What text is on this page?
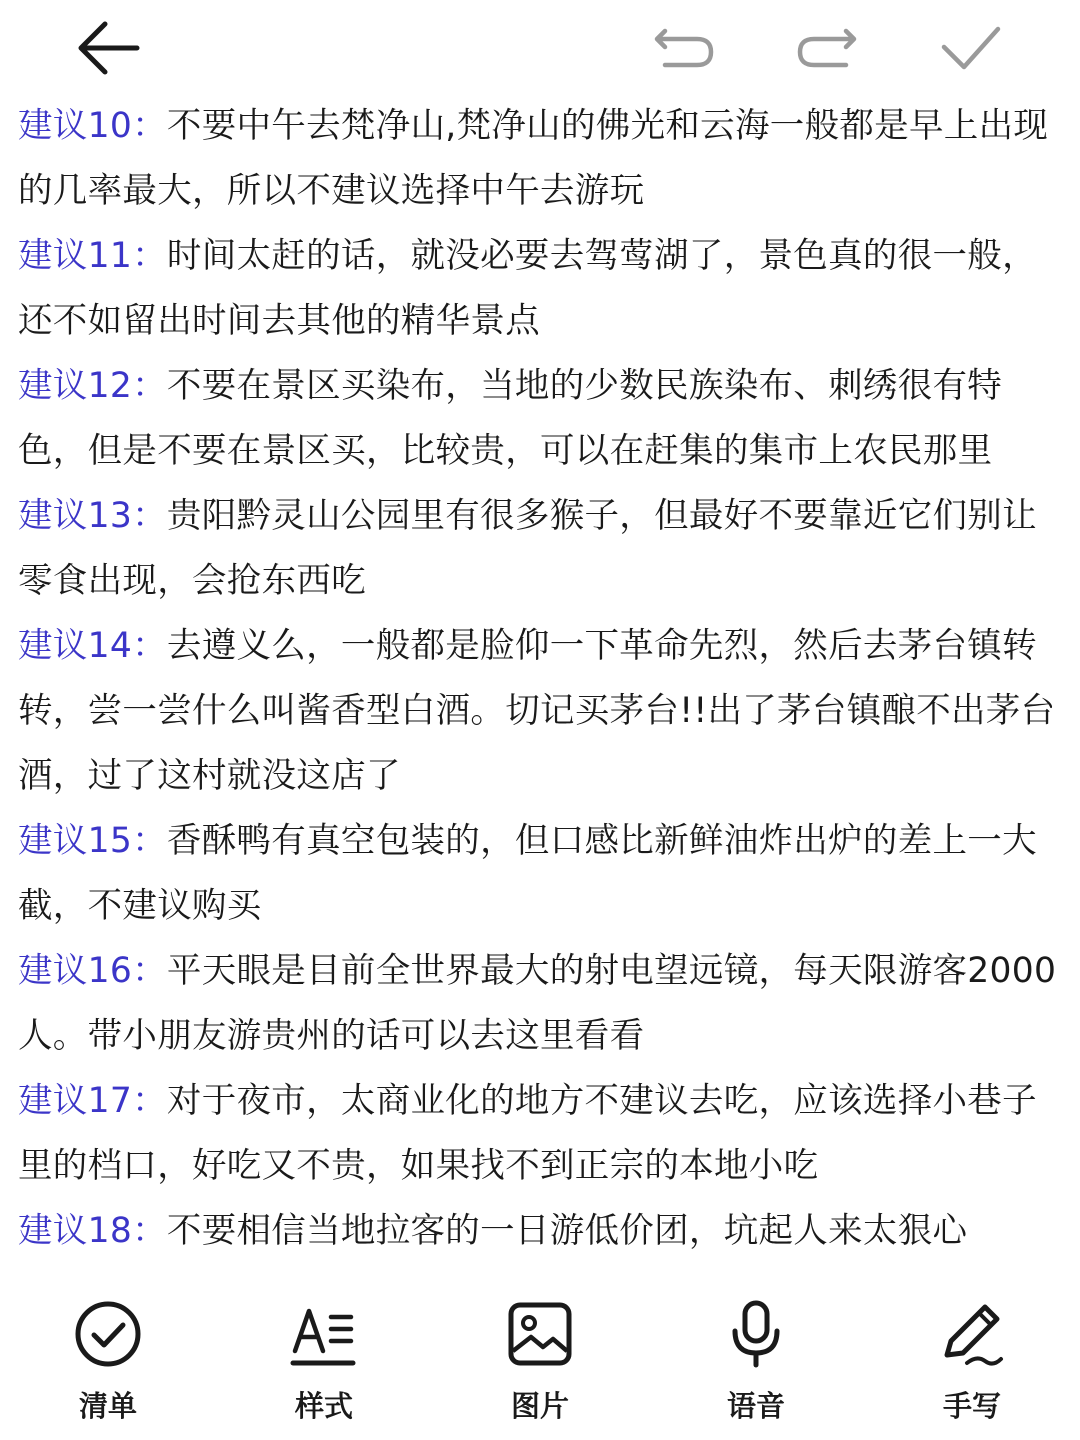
建议10：不要中午去梵净山,梵净山的佛光和云海一般都是早上出现的几率最大，所以不建议选择中午去游玩

建议11：时间太赶的话，就没必要去驾莺湖了，景色真的很一般，还不如留出时间去其他的精华景点

建议12：不要在景区买染布，当地的少数民族染布、刺绣很有特色，但是不要在景区买，比较贵，可以在赶集的集市上农民那里

建议13：贵阳黔灵山公园里有很多猴子，但最好不要靠近它们别让零食出现，会抢东西吃

建议14：去遵义么，一般都是脸仰一下革命先烈，然后去茅台镇转转，尝一尝什么叫酱香型白酒。切记买茅台!!出了茅台镇酿不出茅台酒，过了这村就没这店了

建议15：香酥鸭有真空包装的，但口感比新鲜油炸出炉的差上一大截，不建议购买

建议16：平天眼是目前全世界最大的射电望远镜，每天限游客2000人。带小朋友游贵州的话可以去这里看看

建议17：对于夜市，太商业化的地方不建议去吃，应该选择小巷子里的档口，好吃又不贵，如果找不到正宗的本地小吃

建议18：不要相信当地拉客的一日游低价团，坑起人来太狠心

清单	样式	图片	语音	手写
